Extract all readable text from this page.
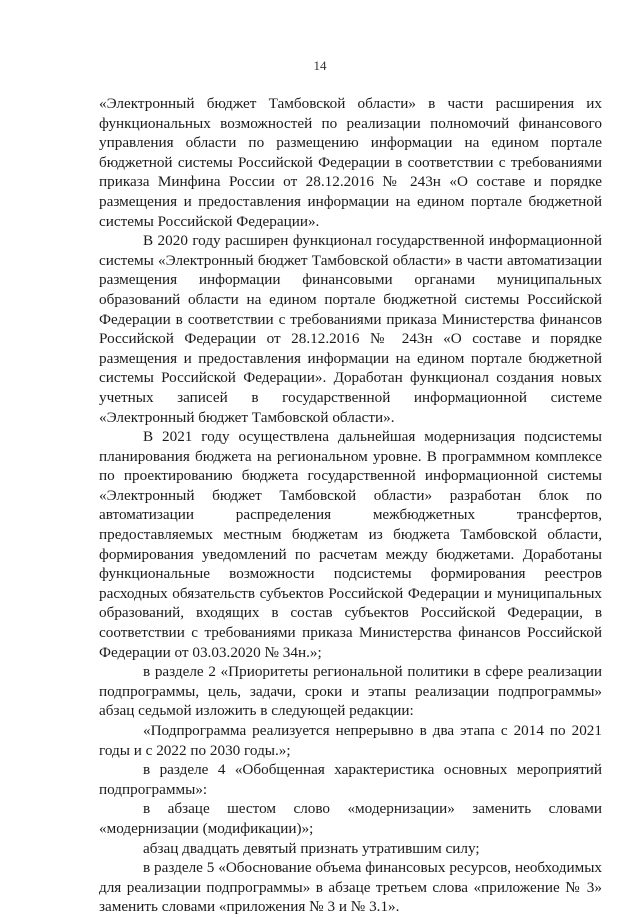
14

«Электронный бюджет Тамбовской области» в части расширения их функциональных возможностей по реализации полномочий финансового управления области по размещению информации на едином портале бюджетной системы Российской Федерации в соответствии с требованиями приказа Минфина России от 28.12.2016 № 243н «О составе и порядке размещения и предоставления информации на едином портале бюджетной системы Российской Федерации».

В 2020 году расширен функционал государственной информационной системы «Электронный бюджет Тамбовской области» в части автоматизации размещения информации финансовыми органами муниципальных образований области на едином портале бюджетной системы Российской Федерации в соответствии с требованиями приказа Министерства финансов Российской Федерации от 28.12.2016 № 243н «О составе и порядке размещения и предоставления информации на едином портале бюджетной системы Российской Федерации». Доработан функционал создания новых учетных записей в государственной информационной системе «Электронный бюджет Тамбовской области».

В 2021 году осуществлена дальнейшая модернизация подсистемы планирования бюджета на региональном уровне. В программном комплексе по проектированию бюджета государственной информационной системы «Электронный бюджет Тамбовской области» разработан блок по автоматизации распределения межбюджетных трансфертов, предоставляемых местным бюджетам из бюджета Тамбовской области, формирования уведомлений по расчетам между бюджетами. Доработаны функциональные возможности подсистемы формирования реестров расходных обязательств субъектов Российской Федерации и муниципальных образований, входящих в состав субъектов Российской Федерации, в соответствии с требованиями приказа Министерства финансов Российской Федерации от 03.03.2020 № 34н.»;

в разделе 2 «Приоритеты региональной политики в сфере реализации подпрограммы, цель, задачи, сроки и этапы реализации подпрограммы» абзац седьмой изложить в следующей редакции:

«Подпрограмма реализуется непрерывно в два этапа с 2014 по 2021 годы и с 2022 по 2030 годы.»;

в разделе 4 «Обобщенная характеристика основных мероприятий подпрограммы»:

в абзаце шестом слово «модернизации» заменить словами «модернизации (модификации)»;

абзац двадцать девятый признать утратившим силу;

в разделе 5 «Обоснование объема финансовых ресурсов, необходимых для реализации подпрограммы» в абзаце третьем слова «приложение № 3» заменить словами «приложения № 3 и № 3.1».
